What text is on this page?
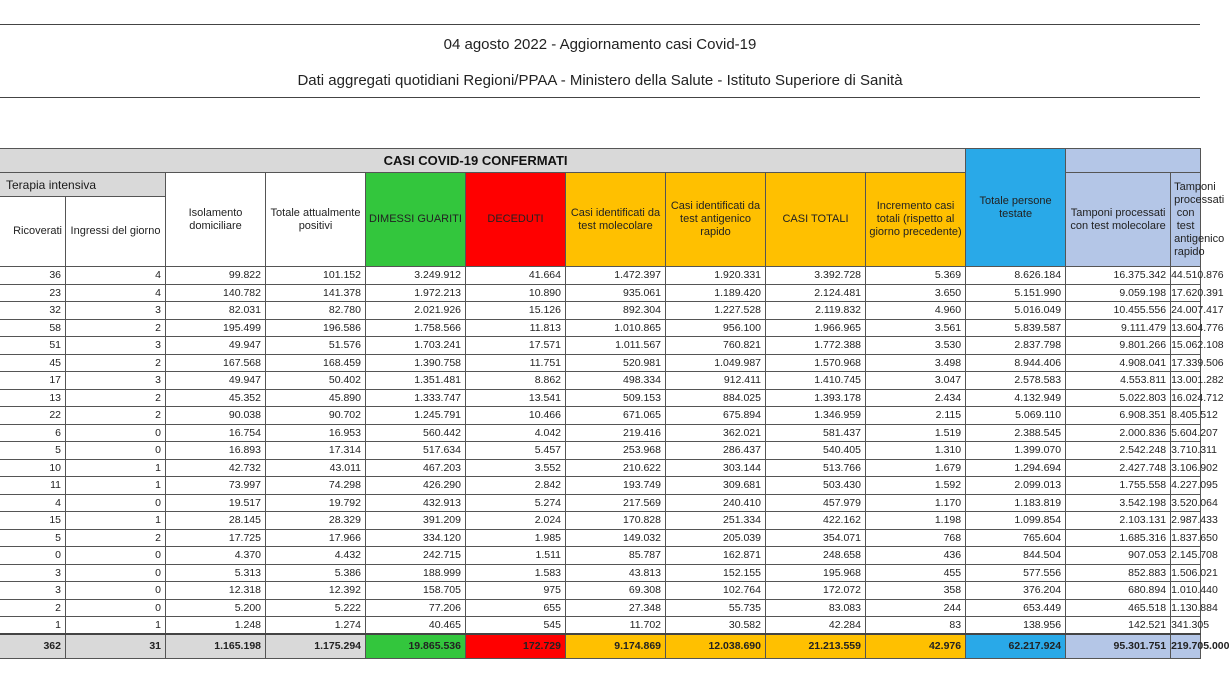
04 agosto 2022 - Aggiornamento casi Covid-19
Dati aggregati quotidiani Regioni/PPAA - Ministero della Salute - Istituto Superiore di Sanità
CASI COVID-19 CONFERMATI										Totale persone testate		

Terapia intensiva		Isolamento domiciliare	Totale attualmente positivi	DIMESSI GUARITI	DECEDUTI	Casi identificati da test molecolare	Casi identificati da test antigenico rapido	CASI TOTALI	Incremento casi totali (rispetto al giorno precedente)		Tamponi processati con test molecolare	Tamponi processati con test antigenico rapido
Ricoverati	Ingressi del giorno											
36	4	99.822	101.152	3.249.912	41.664	1.472.397	1.920.331	3.392.728	5.369	8.626.184	16.375.342	44.510.876
23	4	140.782	141.378	1.972.213	10.890	935.061	1.189.420	2.124.481	3.650	5.151.990	9.059.198	17.620.391
32	3	82.031	82.780	2.021.926	15.126	892.304	1.227.528	2.119.832	4.960	5.016.049	10.455.556	24.007.417
58	2	195.499	196.586	1.758.566	11.813	1.010.865	956.100	1.966.965	3.561	5.839.587	9.111.479	13.604.776
51	3	49.947	51.576	1.703.241	17.571	1.011.567	760.821	1.772.388	3.530	2.837.798	9.801.266	15.062.108
45	2	167.568	168.459	1.390.758	11.751	520.981	1.049.987	1.570.968	3.498	8.944.406	4.908.041	17.339.506
17	3	49.947	50.402	1.351.481	8.862	498.334	912.411	1.410.745	3.047	2.578.583	4.553.811	13.001.282
13	2	45.352	45.890	1.333.747	13.541	509.153	884.025	1.393.178	2.434	4.132.949	5.022.803	16.024.712
22	2	90.038	90.702	1.245.791	10.466	671.065	675.894	1.346.959	2.115	5.069.110	6.908.351	8.405.512
6	0	16.754	16.953	560.442	4.042	219.416	362.021	581.437	1.519	2.388.545	2.000.836	5.604.207
5	0	16.893	17.314	517.634	5.457	253.968	286.437	540.405	1.310	1.399.070	2.542.248	3.710.311
10	1	42.732	43.011	467.203	3.552	210.622	303.144	513.766	1.679	1.294.694	2.427.748	3.106.902
11	1	73.997	74.298	426.290	2.842	193.749	309.681	503.430	1.592	2.099.013	1.755.558	4.227.095
4	0	19.517	19.792	432.913	5.274	217.569	240.410	457.979	1.170	1.183.819	3.542.198	3.520.064
15	1	28.145	28.329	391.209	2.024	170.828	251.334	422.162	1.198	1.099.854	2.103.131	2.987.433
5	2	17.725	17.966	334.120	1.985	149.032	205.039	354.071	768	765.604	1.685.316	1.837.650
0	0	4.370	4.432	242.715	1.511	85.787	162.871	248.658	436	844.504	907.053	2.145.708
3	0	5.313	5.386	188.999	1.583	43.813	152.155	195.968	455	577.556	852.883	1.506.021
3	0	12.318	12.392	158.705	975	69.308	102.764	172.072	358	376.204	680.894	1.010.440
2	0	5.200	5.222	77.206	655	27.348	55.735	83.083	244	653.449	465.518	1.130.884
1	1	1.248	1.274	40.465	545	11.702	30.582	42.284	83	138.956	142.521	341.305
362	31	1.165.198	1.175.294	19.865.536	172.729	9.174.869	12.038.690	21.213.559	42.976	62.217.924	95.301.751	219.705.000
